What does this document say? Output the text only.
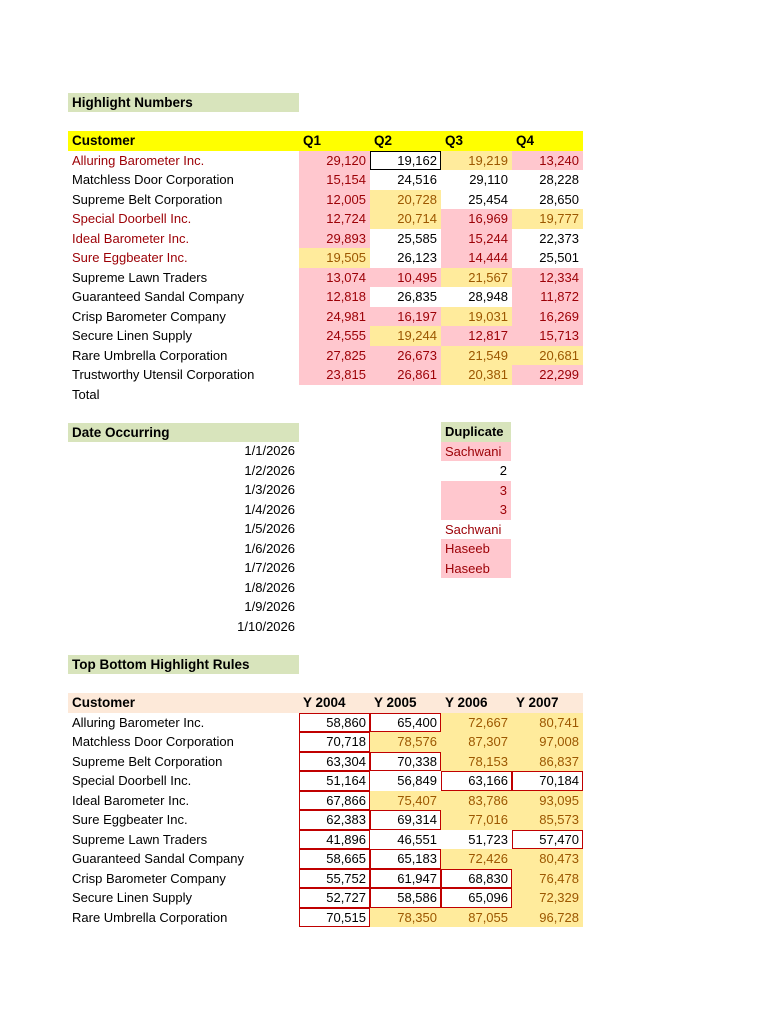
Highlight Numbers
Customer	Q1	Q2	Q3	Q4
Alluring Barometer Inc.	29,120	19,162	19,219	13,240
Matchless Door Corporation	15,154	24,516	29,110	28,228
Supreme Belt Corporation	12,005	20,728	25,454	28,650
Special Doorbell Inc.	12,724	20,714	16,969	19,777
Ideal Barometer Inc.	29,893	25,585	15,244	22,373
Sure Eggbeater Inc.	19,505	26,123	14,444	25,501
Supreme Lawn Traders	13,074	10,495	21,567	12,334
Guaranteed Sandal Company	12,818	26,835	28,948	11,872
Crisp Barometer Company	24,981	16,197	19,031	16,269
Secure Linen Supply	24,555	19,244	12,817	15,713
Rare Umbrella Corporation	27,825	26,673	21,549	20,681
Trustworthy Utensil Corporation	23,815	26,861	20,381	22,299
Total				
Date Occurring
1/1/2026
1/2/2026
1/3/2026
1/4/2026
1/5/2026
1/6/2026
1/7/2026
1/8/2026
1/9/2026
1/10/2026
Duplicate
Sachwani
2
3
3
Sachwani
Haseeb
Haseeb
Top Bottom Highlight Rules
Customer	Y 2004	Y 2005	Y 2006	Y 2007
Alluring Barometer Inc.	58,860	65,400	72,667	80,741
Matchless Door Corporation	70,718	78,576	87,307	97,008
Supreme Belt Corporation	63,304	70,338	78,153	86,837
Special Doorbell Inc.	51,164	56,849	63,166	70,184
Ideal Barometer Inc.	67,866	75,407	83,786	93,095
Sure Eggbeater Inc.	62,383	69,314	77,016	85,573
Supreme Lawn Traders	41,896	46,551	51,723	57,470
Guaranteed Sandal Company	58,665	65,183	72,426	80,473
Crisp Barometer Company	55,752	61,947	68,830	76,478
Secure Linen Supply	52,727	58,586	65,096	72,329
Rare Umbrella Corporation	70,515	78,350	87,055	96,728
